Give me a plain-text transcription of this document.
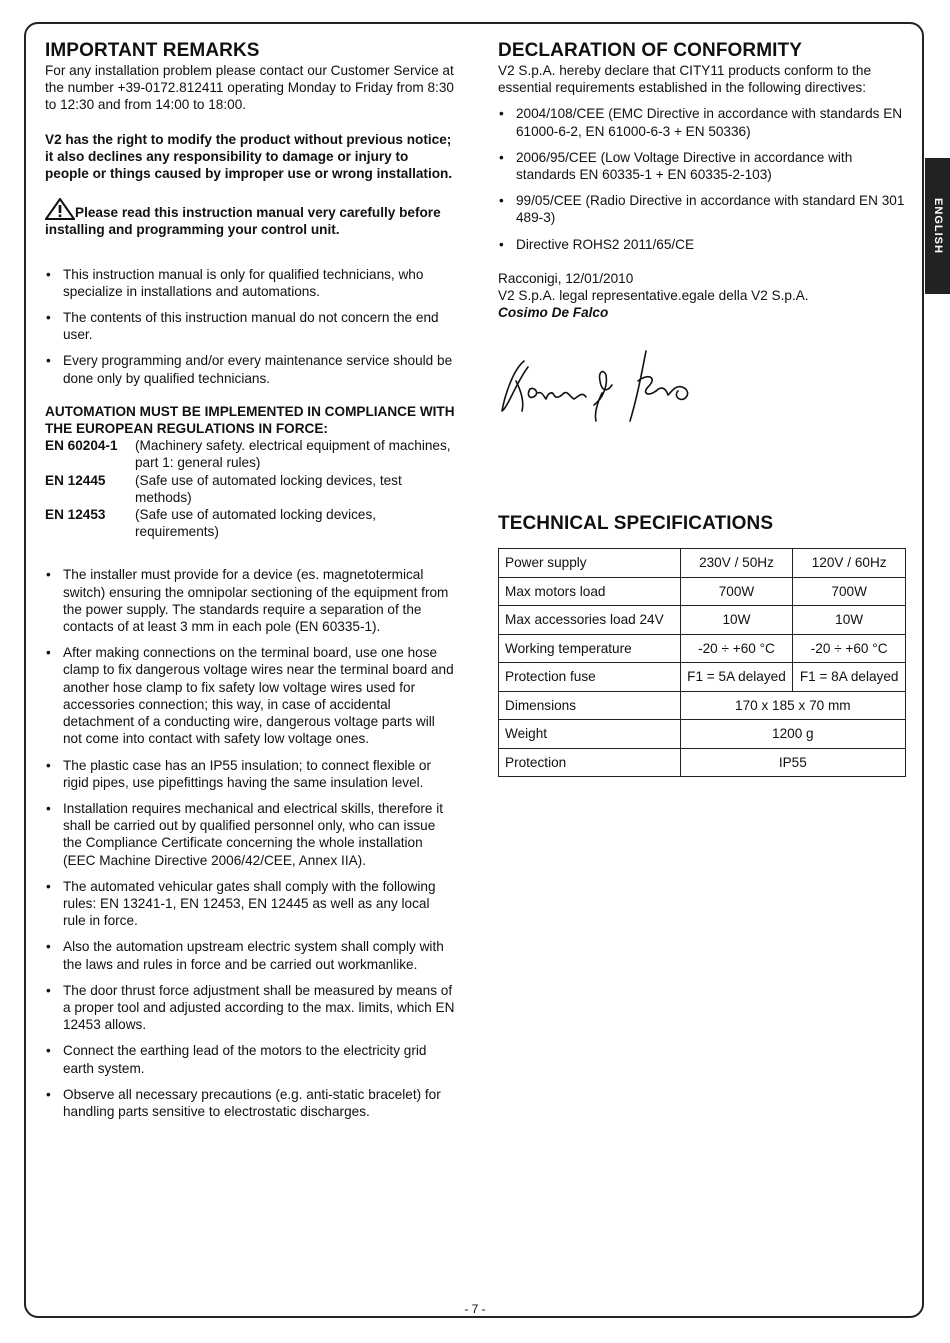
ENGLISH
IMPORTANT REMARKS

For any installation problem please contact our Customer Service at the number +39-0172.812411 operating Monday to Friday from 8:30 to 12:30 and from 14:00 to 18:00.

V2 has the right to modify the product without previous notice; it also declines any responsibility to damage or injury to people or things caused by improper use or wrong installation.

Please read this instruction manual very carefully before installing and programming your control unit.
• This instruction manual is only for qualified technicians, who specialize in installations and automations.
• The contents of this instruction manual do not concern the end user.
• Every programming and/or every maintenance service should be done only by qualified technicians.

AUTOMATION MUST BE IMPLEMENTED IN COMPLIANCE WITH THE EUROPEAN REGULATIONS IN FORCE:

EN 60204-1	(Machinery safety. electrical equipment of machines, part 1: general rules)
EN 12445	(Safe use of automated locking devices, test methods)
EN 12453	(Safe use of automated locking devices, requirements)
• The installer must provide for a device (es. magnetotermical switch) ensuring the omnipolar sectioning of the equipment from the power supply. The standards require a separation of the contacts of at least 3 mm in each pole (EN 60335-1).
• After making connections on the terminal board, use one hose clamp to fix dangerous voltage wires near the terminal board and another hose clamp to fix safety low voltage wires used for accessories connection; this way, in case of accidental detachment of a conducting wire, dangerous voltage parts will not come into contact with safety low voltage ones.
• The plastic case has an IP55 insulation; to connect flexible or rigid pipes, use pipefittings having the same insulation level.
• Installation requires mechanical and electrical skills, therefore it shall be carried out by qualified personnel only, who can issue the Compliance Certificate concerning the whole installation (EEC Machine Directive 2006/42/CEE, Annex IIA).
• The automated vehicular gates shall comply with the following rules: EN 13241-1, EN 12453, EN 12445 as well as any local rule in force.
• Also the automation upstream electric system shall comply with the laws and rules in force and be carried out workmanlike.
• The door thrust force adjustment shall be measured by means of a proper tool and adjusted according to the max. limits, which EN 12453 allows.
• Connect the earthing lead of the motors to the electricity grid earth system.
• Observe all necessary precautions (e.g. anti-static bracelet) for handling parts sensitive to electrostatic discharges.
DECLARATION OF CONFORMITY

V2 S.p.A. hereby declare that CITY11 products conform to the essential requirements established in the following directives:

• 2004/108/CEE (EMC Directive in accordance with standards EN 61000-6-2, EN 61000-6-3 + EN 50336)
• 2006/95/CEE (Low Voltage Directive in accordance with standards EN 60335-1 + EN 60335-2-103)
• 99/05/CEE (Radio Directive in accordance with standard EN 301 489-3)
• Directive ROHS2 2011/65/CE

Racconigi, 12/01/2010

V2 S.p.A. legal representative.egale della V2 S.p.A.

Cosimo De Falco

TECHNICAL SPECIFICATIONS
Power supply	230V / 50Hz	120V / 60Hz
Max motors load	700W	700W
Max accessories load 24V	10W	10W
Working temperature	-20 ÷ +60 °C	-20 ÷ +60 °C
Protection fuse	F1 = 5A delayed	F1 = 8A delayed
Dimensions	170 x 185 x 70 mm	
Weight	1200 g	
Protection	IP55	
- 7 -
